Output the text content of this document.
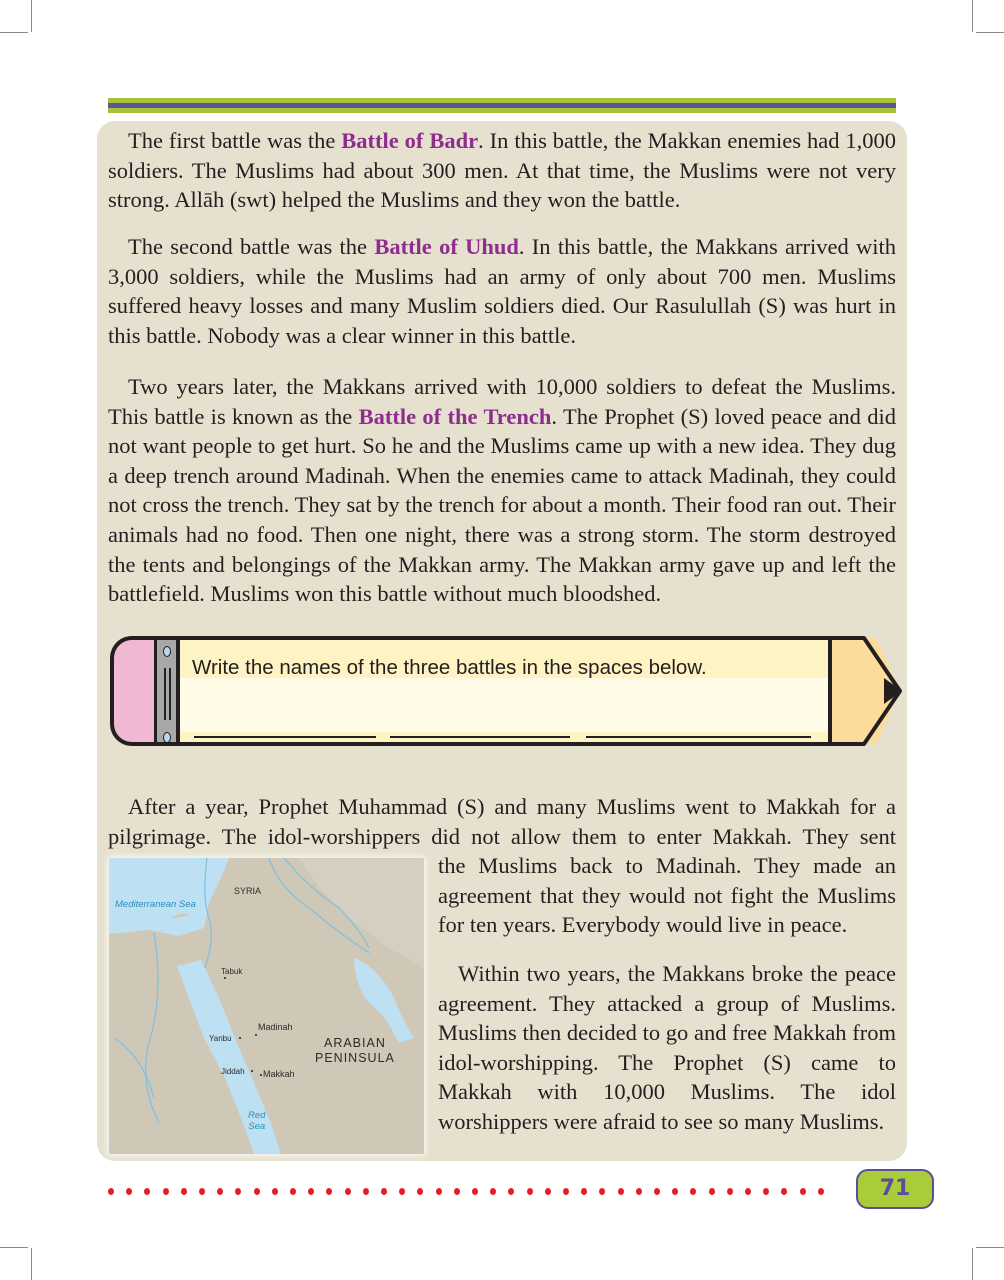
The first battle was the Battle of Badr. In this battle, the Makkan enemies had 1,000 soldiers. The Muslims had about 300 men. At that time, the Muslims were not very strong. Allāh (swt) helped the Muslims and they won the battle.

The second battle was the Battle of Uhud. In this battle, the Makkans arrived with 3,000 soldiers, while the Muslims had an army of only about 700 men. Muslims suffered heavy losses and many Muslim soldiers died. Our Rasulullah (S) was hurt in this battle. Nobody was a clear winner in this battle.

Two years later, the Makkans arrived with 10,000 soldiers to defeat the Muslims. This battle is known as the Battle of the Trench. The Prophet (S) loved peace and did not want people to get hurt. So he and the Muslims came up with a new idea. They dug a deep trench around Madinah. When the enemies came to attack Madinah, they could not cross the trench. They sat by the trench for about a month. Their food ran out. Their animals had no food. Then one night, there was a strong storm. The storm destroyed the tents and belongings of the Makkan army. The Makkan army gave up and left the battlefield. Muslims won this battle without much bloodshed.

Write the names of the three battles in the spaces below.

After a year, Prophet Muhammad (S) and many Muslims went to Makkah for a pilgrimage. The idol-worshippers did not allow them to enter Makkah. They sent

Mediterranean Sea
SYRIA
Tabuk
Madinah
Yanbu
Jiddah Makkah
ARABIAN
PENINSULA
Red
Sea

the Muslims back to Madinah. They made an agreement that they would not fight the Muslims for ten years. Everybody would live in peace.

Within two years, the Makkans broke the peace agreement. They attacked a group of Muslims. Muslims then decided to go and free Makkah from idol-worshipping. The Prophet (S) came to Makkah with 10,000 Muslims. The idol worshippers were afraid to see so many Muslims.

71
